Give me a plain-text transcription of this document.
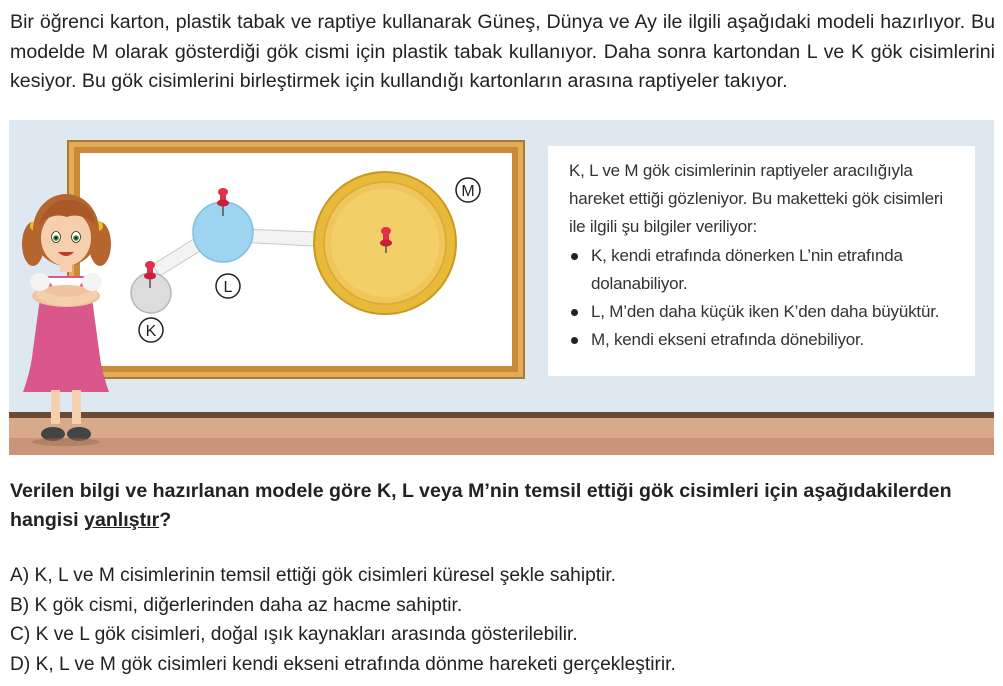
Bir öğrenci karton, plastik tabak ve raptiye kullanarak Güneş, Dünya ve Ay ile ilgili aşağıdaki modeli hazırlıyor. Bu modelde M olarak gösterdiği gök cismi için plastik tabak kullanıyor. Daha sonra kartondan L ve K gök cisimlerini kesiyor. Bu gök cisimlerini birleştirmek için kullandığı kartonların arasına raptiyeler takıyor.
M
L
K

K, L ve M gök cisimlerinin raptiyeler aracılığıyla hareket ettiği gözleniyor. Bu maketteki gök cisimleri ile ilgili şu bilgiler veriliyor:

K, kendi etrafında dönerken L’nin etrafında dolanabiliyor.
L, M’den daha küçük iken K’den daha büyüktür.
M, kendi ekseni etrafında dönebiliyor.
Verilen bilgi ve hazırlanan modele göre K, L veya M’nin temsil ettiği gök cisimleri için aşağıdakilerden hangisi yanlıştır?
A) K, L ve M cisimlerinin temsil ettiği gök cisimleri küresel şekle sahiptir.
B) K gök cismi, diğerlerinden daha az hacme sahiptir.
C) K ve L gök cisimleri, doğal ışık kaynakları arasında gösterilebilir.
D) K, L ve M gök cisimleri kendi ekseni etrafında dönme hareketi gerçekleştirir.
